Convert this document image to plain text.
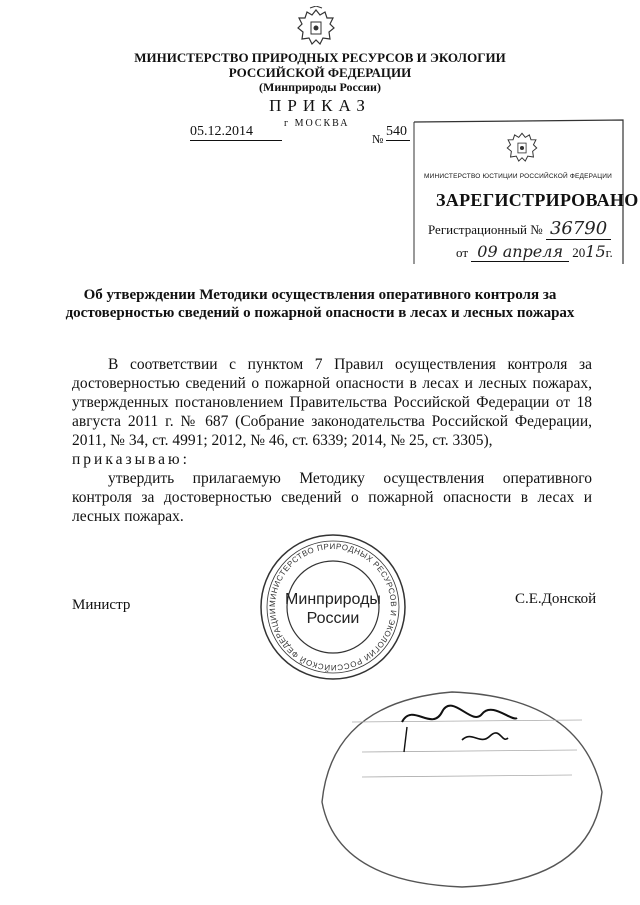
МИНИСТЕРСТВО ПРИРОДНЫХ РЕСУРСОВ И ЭКОЛОГИИ
РОССИЙСКОЙ ФЕДЕРАЦИИ
(Минприроды России)
ПРИКАЗ
г МОСКВА
05.12.2014	№ 540
МИНИСТЕРСТВО ЮСТИЦИИ РОССИЙСКОЙ ФЕДЕРАЦИИ
ЗАРЕГИСТРИРОВАНО
Регистрационный № 36790
от 09 апреля 2015г.
Об утверждении Методики осуществления оперативного контроля за
достоверностью сведений о пожарной опасности в лесах и лесных пожарах
В соответствии с пунктом 7 Правил осуществления контроля за достоверностью сведений о пожарной опасности в лесах и лесных пожарах, утвержденных постановлением Правительства Российской Федерации от 18 августа 2011 г. № 687 (Собрание законодательства Российской Федерации, 2011, № 34, ст. 4991; 2012, № 46, ст. 6339; 2014, № 25, ст. 3305),
приказываю:
утвердить прилагаемую Методику осуществления оперативного контроля за достоверностью сведений о пожарной опасности в лесах и лесных пожарах.
МИНИСТЕРСТВО ПРИРОДНЫХ РЕСУРСОВ И ЭКОЛОГИИ РОССИЙСКОЙ ФЕДЕРАЦИИ
Минприроды
России
Министр	С.Е.Донской
